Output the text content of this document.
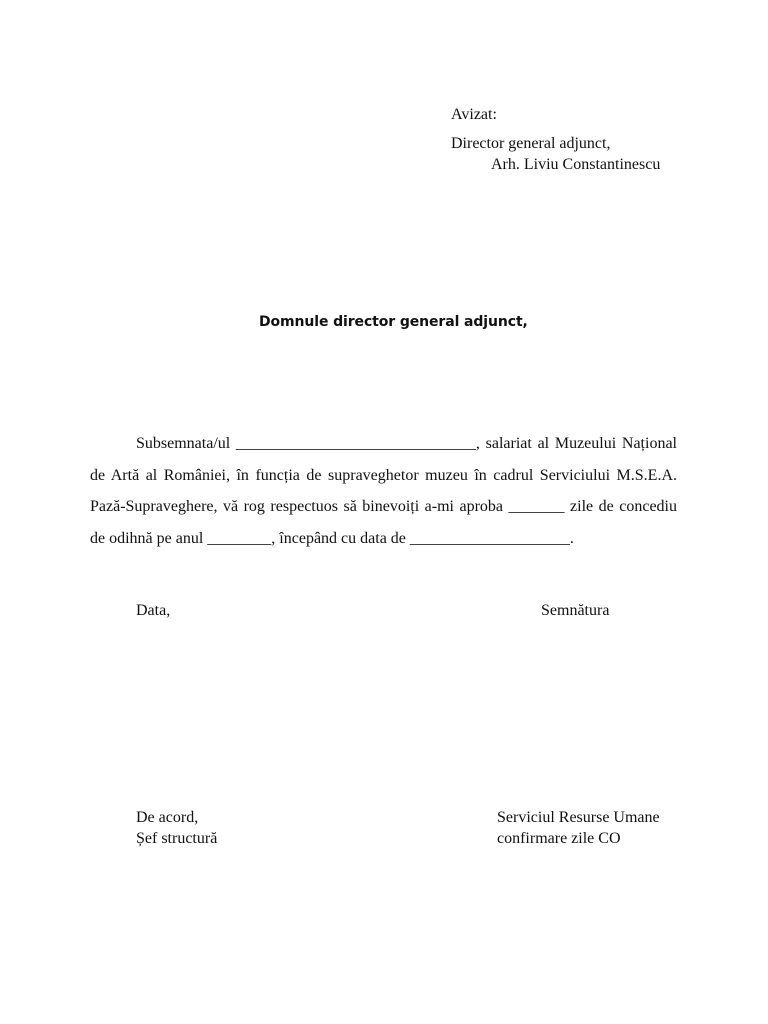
Avizat:
Director general adjunct,
Arh. Liviu Constantinescu
Domnule director general adjunct,

Subsemnata/ul ______________________________, salariat al Muzeului Național de Artă al României, în funcția de supraveghetor muzeu în cadrul Serviciului M.S.E.A. Pază-Supraveghere, vă rog respectuos să binevoiți a-mi aproba _______ zile de concediu de odihnă pe anul ________, începând cu data de ____________________.

Data,	Semnătura
De acord,
Șef structură
Serviciul Resurse Umane
confirmare zile CO
